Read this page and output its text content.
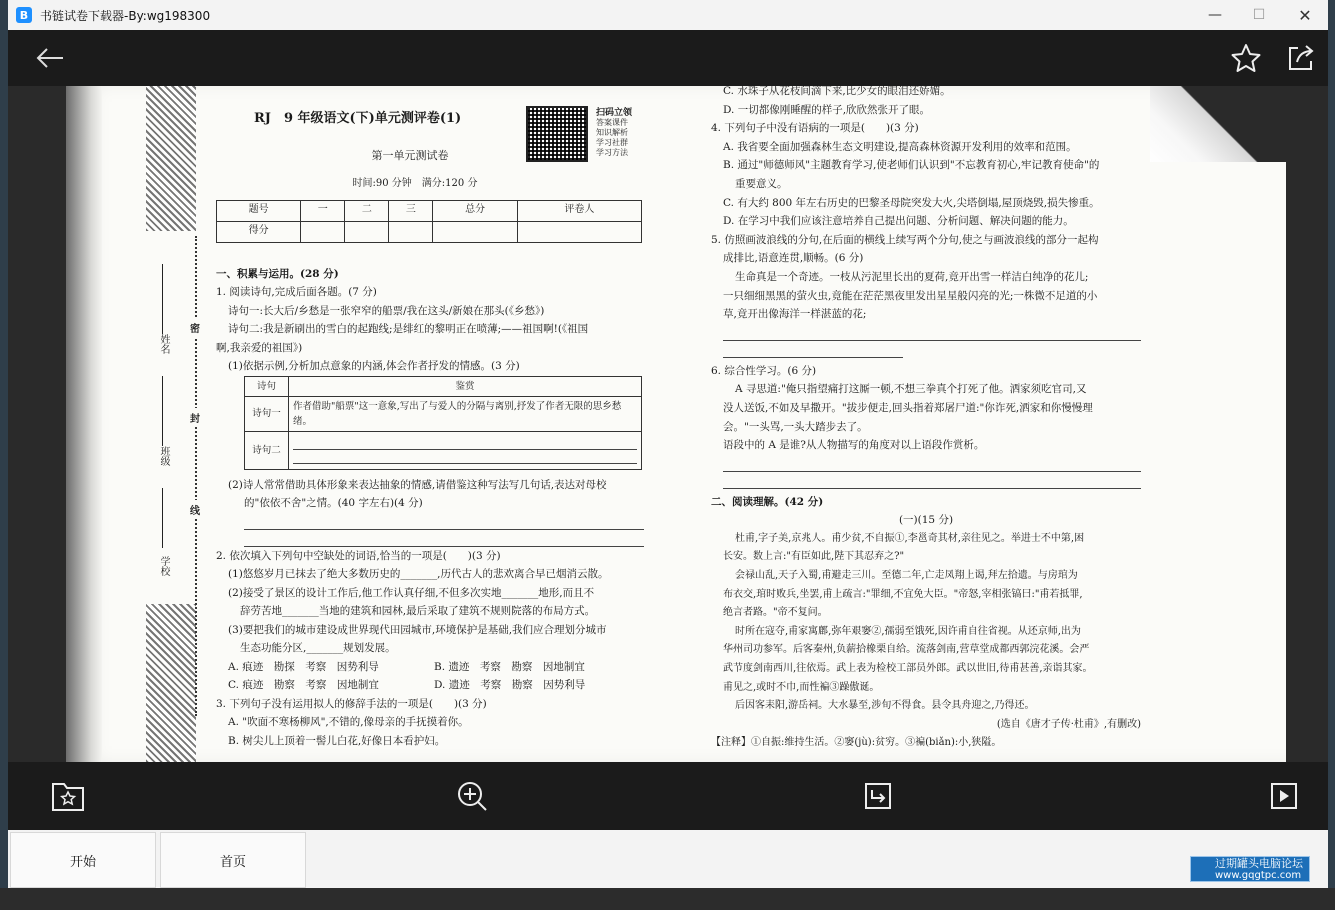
B 书链试卷下载器-By:wg198300	—	☐	✕
密
封
线
姓名
班级
学校
扫码立领
答案课件
知识解析
学习社群
学习方法
RJ　9 年级语文(下)单元测评卷(1)
第一单元测试卷
时间:90 分钟　满分:120 分
题号	一	二	三	总分	评卷人
得分					
一、积累与运用。(28 分)
1. 阅读诗句,完成后面各题。(7 分)
诗句一:长大后/乡愁是一张窄窄的船票/我在这头/新娘在那头(《乡愁》)
诗句二:我是新刷出的雪白的起跑线;是绯红的黎明正在喷薄;——祖国啊!(《祖国
啊,我亲爱的祖国》)
(1)依据示例,分析加点意象的内涵,体会作者抒发的情感。(3 分)
诗句	鉴赏
诗句一	作者借助"船票"这一意象,写出了与爱人的分隔与离别,抒发了作者无限的思乡愁绪。
诗句二	
(2)诗人常常借助具体形象来表达抽象的情感,请借鉴这种写法写几句话,表达对母校
的"依依不舍"之情。(40 字左右)(4 分)
2. 依次填入下列句中空缺处的词语,恰当的一项是(　　)(3 分)
(1)悠悠岁月已抹去了绝大多数历史的_______,历代古人的悲欢离合早已烟消云散。
(2)接受了景区的设计工作后,他工作认真仔细,不但多次实地_______地形,而且不
辞劳苦地_______当地的建筑和园林,最后采取了建筑不规则院落的布局方式。
(3)要把我们的城市建设成世界现代田园城市,环境保护是基础,我们应合理划分城市
生态功能分区,_______规划发展。
A. 痕迹　勘探　考察　因势利导	B. 遗迹　考察　勘察　因地制宜
C. 痕迹　勘察　考察　因地制宜	D. 遗迹　考察　勘察　因势利导
3. 下列句子没有运用拟人的修辞手法的一项是(　　)(3 分)
A. "吹面不寒杨柳风",不错的,像母亲的手抚摸着你。
B. 树尖儿上顶着一髻儿白花,好像日本看护妇。
C. 水珠子从花枝间滴下来,比少女的眼泪还娇媚。
D. 一切都像刚睡醒的样子,欣欣然张开了眼。
4. 下列句子中没有语病的一项是(　　)(3 分)
A. 我省要全面加强森林生态文明建设,提高森林资源开发利用的效率和范围。
B. 通过"师德师风"主题教育学习,使老师们认识到"不忘教育初心,牢记教育使命"的
重要意义。
C. 有大约 800 年左右历史的巴黎圣母院突发大火,尖塔倒塌,屋顶烧毁,损失惨重。
D. 在学习中我们应该注意培养自己提出问题、分析问题、解决问题的能力。
5. 仿照画波浪线的分句,在后面的横线上续写两个分句,使之与画波浪线的部分一起构
成排比,语意连贯,顺畅。(6 分)
生命真是一个奇迹。一枝从污泥里长出的夏荷,竟开出雪一样洁白纯净的花儿;
一只细细黑黑的萤火虫,竟能在茫茫黑夜里发出星星般闪亮的光;一株微不足道的小
草,竟开出像海洋一样湛蓝的花;
6. 综合性学习。(6 分)
A 寻思道:"俺只指望痛打这厮一顿,不想三拳真个打死了他。洒家须吃官司,又
没人送饭,不如及早撒开。"拔步便走,回头指着郑屠尸道:"你诈死,洒家和你慢慢理
会。"一头骂,一头大踏步去了。
语段中的 A 是谁?从人物描写的角度对以上语段作赏析。
二、阅读理解。(42 分)
(一)(15 分)
杜甫,字子美,京兆人。甫少贫,不自振①,李邕奇其材,亲往见之。举进士不中第,困
长安。数上言:"有臣如此,陛下其忍弃之?"
会禄山乱,天子入蜀,甫避走三川。至德二年,亡走凤翔上谒,拜左拾遗。与房琯为
布衣交,琯时败兵,坐罢,甫上疏言:"罪细,不宜免大臣。"帝怒,宰相张镐曰:"甫若抵罪,
绝言者路。"帝不复问。
时所在寇夺,甫家寓鄜,弥年艰窭②,孺弱至饿死,因许甫自往省视。从还京师,出为
华州司功参军。后客秦州,负薪拾橡栗自给。流落剑南,营草堂成都西郭浣花溪。会严
武节度剑南西川,往依焉。武上表为检校工部员外郎。武以世旧,待甫甚善,亲诣其家。
甫见之,或时不巾,而性褊③躁傲诞。
后因客耒阳,游岳祠。大水暴至,涉旬不得食。县令具舟迎之,乃得还。
(选自《唐才子传·杜甫》,有删改)
【注释】①自振:维持生活。②窭(jù):贫穷。③褊(biǎn):小,狭隘。
开始	首页	过期罐头电脑论坛
www.gqgtpc.com
